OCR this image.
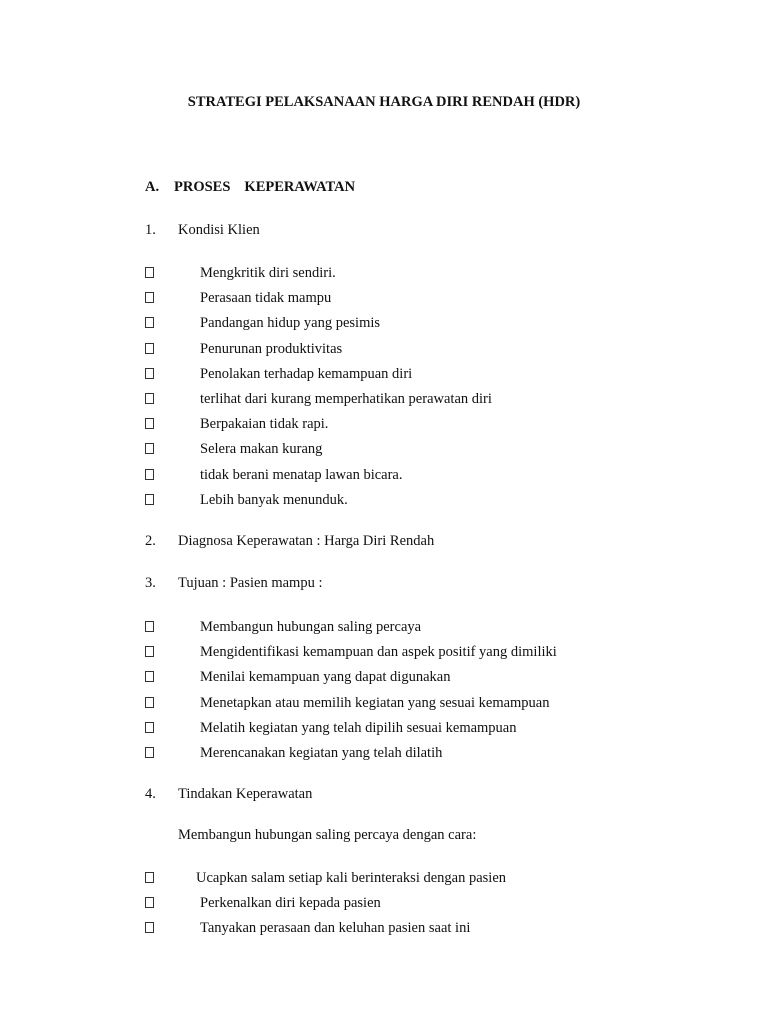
STRATEGI PELAKSANAAN HARGA DIRI RENDAH (HDR)
A. PROSES KEPERAWATAN
1. Kondisi Klien
Mengkritik diri sendiri.
Perasaan tidak mampu
Pandangan hidup yang pesimis
Penurunan produktivitas
Penolakan terhadap kemampuan diri
terlihat dari kurang memperhatikan perawatan diri
Berpakaian tidak rapi.
Selera makan kurang
tidak berani menatap lawan bicara.
Lebih banyak menunduk.
2. Diagnosa Keperawatan : Harga Diri Rendah
3. Tujuan : Pasien mampu :
Membangun hubungan saling percaya
Mengidentifikasi kemampuan dan aspek positif yang dimiliki
Menilai kemampuan yang dapat digunakan
Menetapkan atau memilih kegiatan yang sesuai kemampuan
Melatih kegiatan yang telah dipilih sesuai kemampuan
Merencanakan kegiatan yang telah dilatih
4. Tindakan Keperawatan
Membangun hubungan saling percaya dengan cara:
Ucapkan salam setiap kali berinteraksi dengan pasien
Perkenalkan diri kepada pasien
Tanyakan perasaan dan keluhan pasien saat ini
